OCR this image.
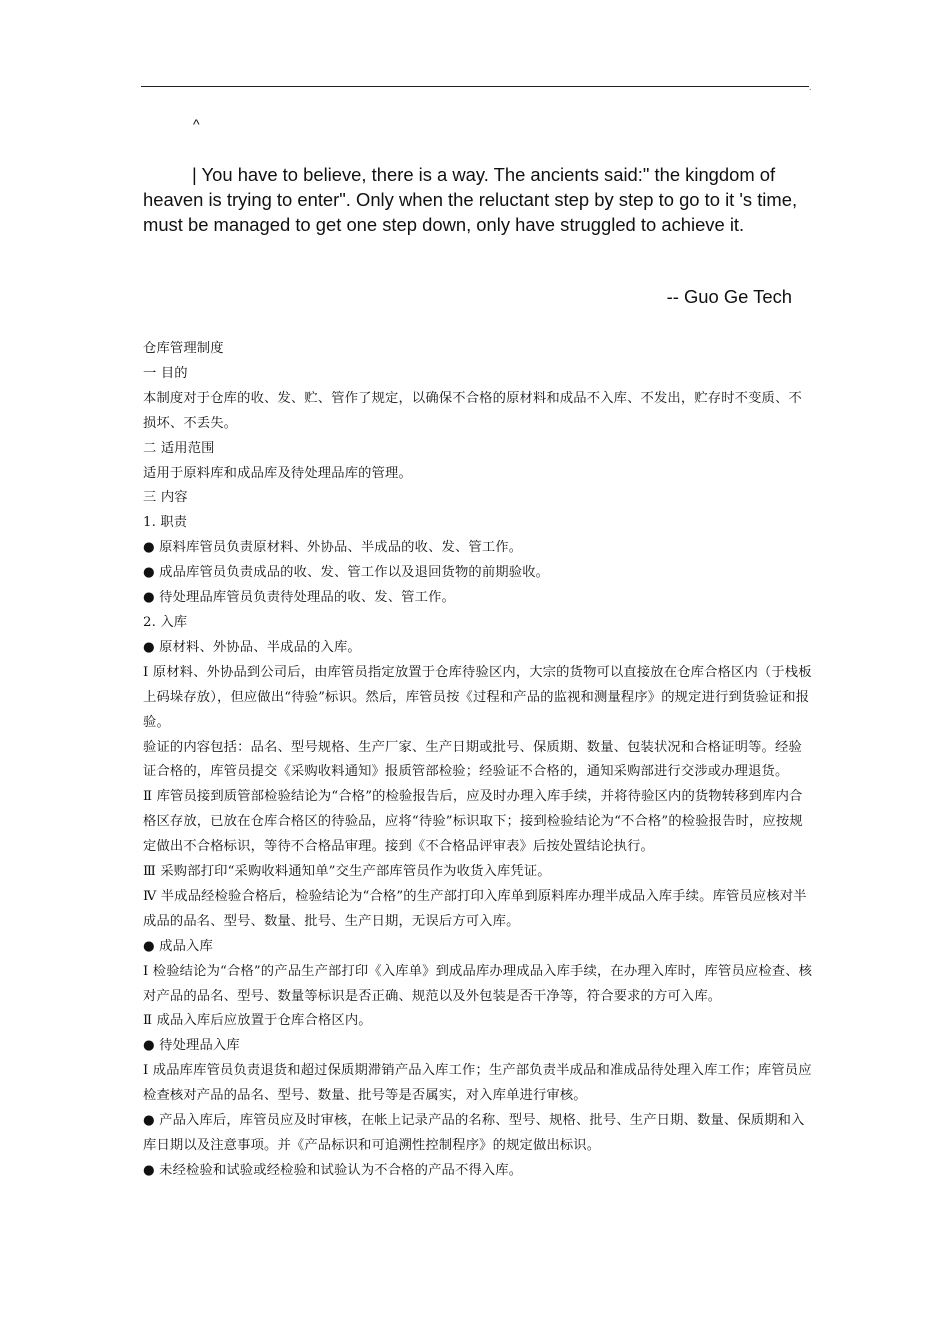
.
^

| You have to believe, there is a way. The ancients said:" the kingdom of heaven is trying to enter". Only when the reluctant step by step to go to it 's time, must be managed to get one step down, only have struggled to achieve it.

-- Guo Ge Tech

仓库管理制度

一 目的

本制度对于仓库的收、发、贮、管作了规定，以确保不合格的原材料和成品不入库、不发出，贮存时不变质、不损坏、不丢失。

二 适用范围

适用于原料库和成品库及待处理品库的管理。

三 内容

1. 职责

● 原料库管员负责原材料、外协品、半成品的收、发、管工作。

● 成品库管员负责成品的收、发、管工作以及退回货物的前期验收。

● 待处理品库管员负责待处理品的收、发、管工作。

2. 入库

● 原材料、外协品、半成品的入库。

Ⅰ 原材料、外协品到公司后，由库管员指定放置于仓库待验区内，大宗的货物可以直接放在仓库合格区内（于栈板上码垛存放），但应做出“待验”标识。然后，库管员按《过程和产品的监视和测量程序》的规定进行到货验证和报验。

验证的内容包括：品名、型号规格、生产厂家、生产日期或批号、保质期、数量、包装状况和合格证明等。经验证合格的，库管员提交《采购收料通知》报质管部检验；经验证不合格的，通知采购部进行交涉或办理退货。

Ⅱ 库管员接到质管部检验结论为“合格”的检验报告后，应及时办理入库手续，并将待验区内的货物转移到库内合格区存放，已放在仓库合格区的待验品，应将“待验”标识取下；接到检验结论为“不合格”的检验报告时，应按规定做出不合格标识，等待不合格品审理。接到《不合格品评审表》后按处置结论执行。

Ⅲ 采购部打印“采购收料通知单”交生产部库管员作为收货入库凭证。

Ⅳ 半成品经检验合格后，检验结论为“合格”的生产部打印入库单到原料库办理半成品入库手续。库管员应核对半成品的品名、型号、数量、批号、生产日期，无误后方可入库。

● 成品入库

Ⅰ 检验结论为“合格”的产品生产部打印《入库单》到成品库办理成品入库手续，在办理入库时，库管员应检查、核对产品的品名、型号、数量等标识是否正确、规范以及外包装是否干净等，符合要求的方可入库。

Ⅱ 成品入库后应放置于仓库合格区内。

● 待处理品入库

Ⅰ 成品库库管员负责退货和超过保质期滞销产品入库工作；生产部负责半成品和准成品待处理入库工作；库管员应检查核对产品的品名、型号、数量、批号等是否属实，对入库单进行审核。

● 产品入库后，库管员应及时审核，在帐上记录产品的名称、型号、规格、批号、生产日期、数量、保质期和入库日期以及注意事项。并《产品标识和可追溯性控制程序》的规定做出标识。

● 未经检验和试验或经检验和试验认为不合格的产品不得入库。
